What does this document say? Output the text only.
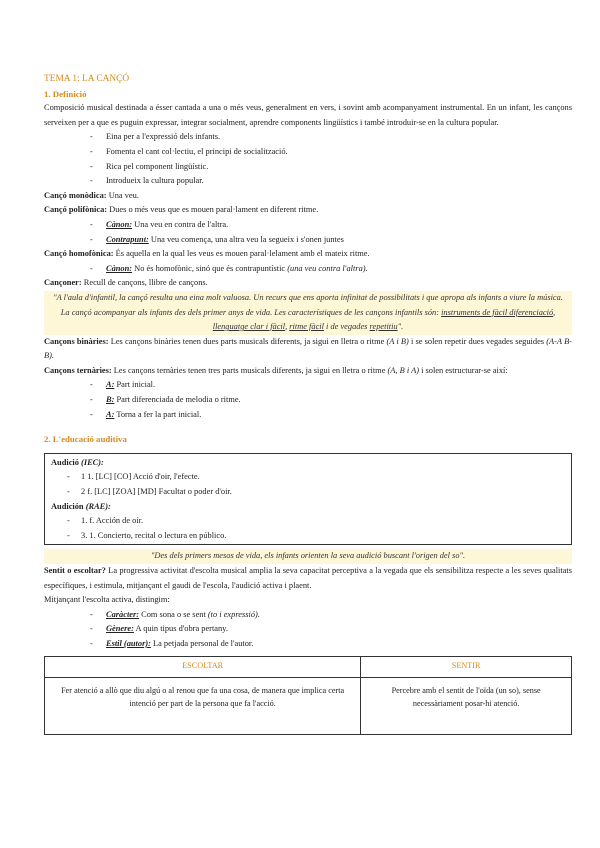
TEMA 1: LA CANÇÓ
1. Definició

Composició musical destinada a ésser cantada a una o més veus, generalment en vers, i sovint amb acompanyament instrumental. En un infant, les cançons serveixen per a que es puguin expressar, integrar socialment, aprendre components lingüístics i també introduir-se en la cultura popular.

- Eina per a l'expressió dels infants.
- Fomenta el cant col·lectiu, el principi de socialització.
- Rica pel component lingüístic.
- Introdueix la cultura popular.

Cançó monòdica: Una veu.

Cançó polifònica: Dues o més veus que es mouen paral·lament en diferent ritme.

- Cànon: Una veu en contra de l'altra.
- Contrapunt: Una veu comença, una altra veu la segueix i s'onen juntes

Cançó homofònica: És aquella en la qual les veus es mouen paral·lelament amb el mateix ritme.

- Cànon: No és homofònic, sinó que és contrapuntístic (una veu contra l'altra).

Cançoner: Recull de cançons, llibre de cançons.

"A l'aula d'infantil, la cançó resulta una eina molt valuosa. Un recurs que ens aporta infinitat de possibilitats i que apropa als infants a viure la música. La cançó acompanyar als infants des dels primer anys de vida. Les característiques de les cançons infantils són: instruments de fàcil diferenciació, llenguatge clar i fàcil, ritme fàcil i de vegades repetitiu".

Cançons binàries: Les cançons binàries tenen dues parts musicals diferents, ja sigui en lletra o ritme (A i B) i se solen repetir dues vegades seguides (A-A B-B).

Cançons ternàries: Les cançons ternàries tenen tres parts musicals diferents, ja sigui en lletra o ritme (A, B i A) i solen estructurar-se així:

- A: Part inicial.
- B: Part diferenciada de melodia o ritme.
- A: Torna a fer la part inicial.
2. L'educació auditiva

Audició (IEC):

- 1 1. [LC] [CO] Acció d'oir, l'efecte.
- 2 f. [LC] [ZOA] [MD] Facultat o poder d'oir.

Audición (RAE):

- 1. f. Acción de oír.
- 3. 1. Concierto, recital o lectura en público.

"Des dels primers mesos de vida, els infants orienten la seva audició buscant l'origen del so".

Sentit o escoltar? La progressiva activitat d'escolta musical amplia la seva capacitat perceptiva a la vegada que els sensibilitza respecte a les seves qualitats específiques, i estimula, mitjançant el gaudi de l'escola, l'audició activa i plaent.

Mitjançant l'escolta activa, distingim:

- Caràcter: Com sona o se sent (to i expressió).
- Gènere: A quin tipus d'obra pertany.
- Estil (autor): La petjada personal de l'autor.
ESCOLTAR	SENTIR
Fer atenció a allò que diu algú o al renou que fa una cosa, de manera que implica certa intenció per part de la persona que fa l'acció.	Percebre amb el sentit de l'oïda (un so), sense necessàriament posar-hi atenció.
